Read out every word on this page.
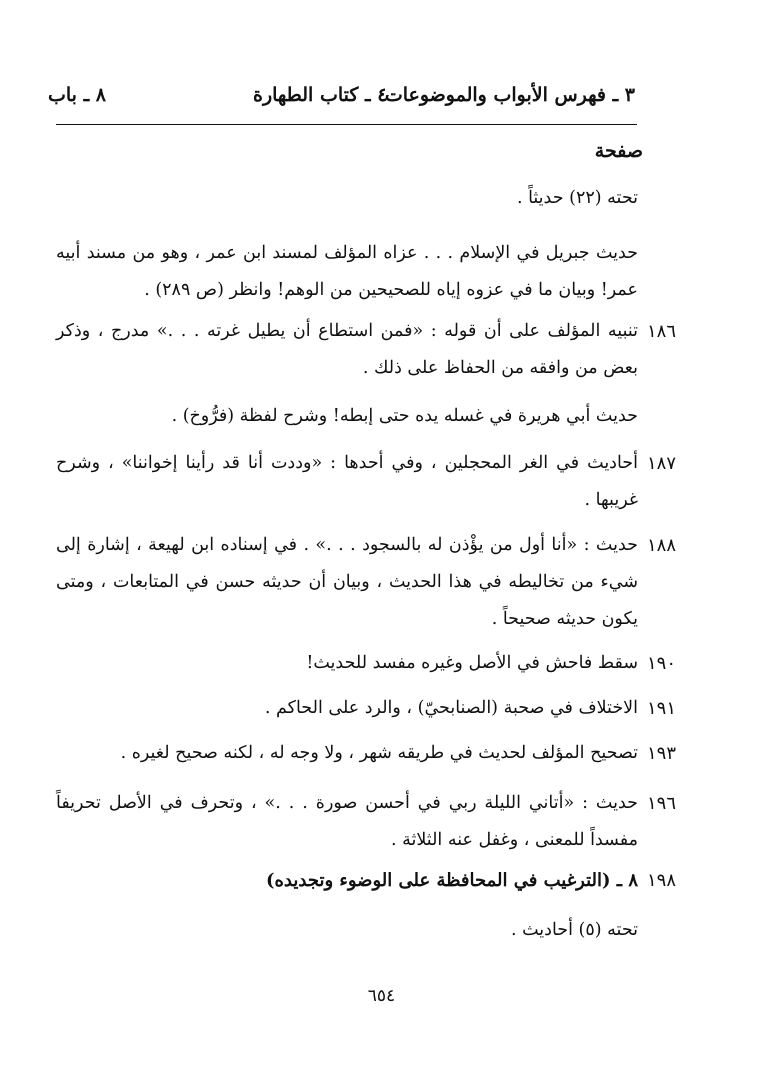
٣ ـ فهرس الأبواب والموضوعات
٤ ـ كتاب الطهارة
٨ ـ باب
صفحة
تحته (٢٢) حديثاً .
حديث جبريل في الإسلام . . . عزاه المؤلف لمسند ابن عمر ، وهو من مسند أبيه عمر! وبيان ما في عزوه إياه للصحيحين من الوهم! وانظر (ص ٢٨٩) .
١٨٦
تنبيه المؤلف على أن قوله : «فمن استطاع أن يطيل غرته . . .» مدرج ، وذكر بعض من وافقه من الحفاظ على ذلك .
حديث أبي هريرة في غسله يده حتى إبطه! وشرح لفظة (فرُّوخ) .
١٨٧
أحاديث في الغر المحجلين ، وفي أحدها : «وددت أنا قد رأينا إخواننا» ، وشرح غريبها .
١٨٨
حديث : «أنا أول من يؤْذن له بالسجود . . .» . في إسناده ابن لهيعة ، إشارة إلى شيء من تخاليطه في هذا الحديث ، وبيان أن حديثه حسن في المتابعات ، ومتى يكون حديثه صحيحاً .
١٩٠
سقط فاحش في الأصل وغيره مفسد للحديث!
١٩١
الاختلاف في صحبة (الصنابحيّ) ، والرد على الحاكم .
١٩٣
تصحيح المؤلف لحديث في طريقه شهر ، ولا وجه له ، لكنه صحيح لغيره .
١٩٦
حديث : «أتاني الليلة ربي في أحسن صورة . . .» ، وتحرف في الأصل تحريفاً مفسداً للمعنى ، وغفل عنه الثلاثة .
١٩٨
٨ ـ (الترغيب في المحافظة على الوضوء وتجديده)
تحته (٥) أحاديث .
٦٥٤
